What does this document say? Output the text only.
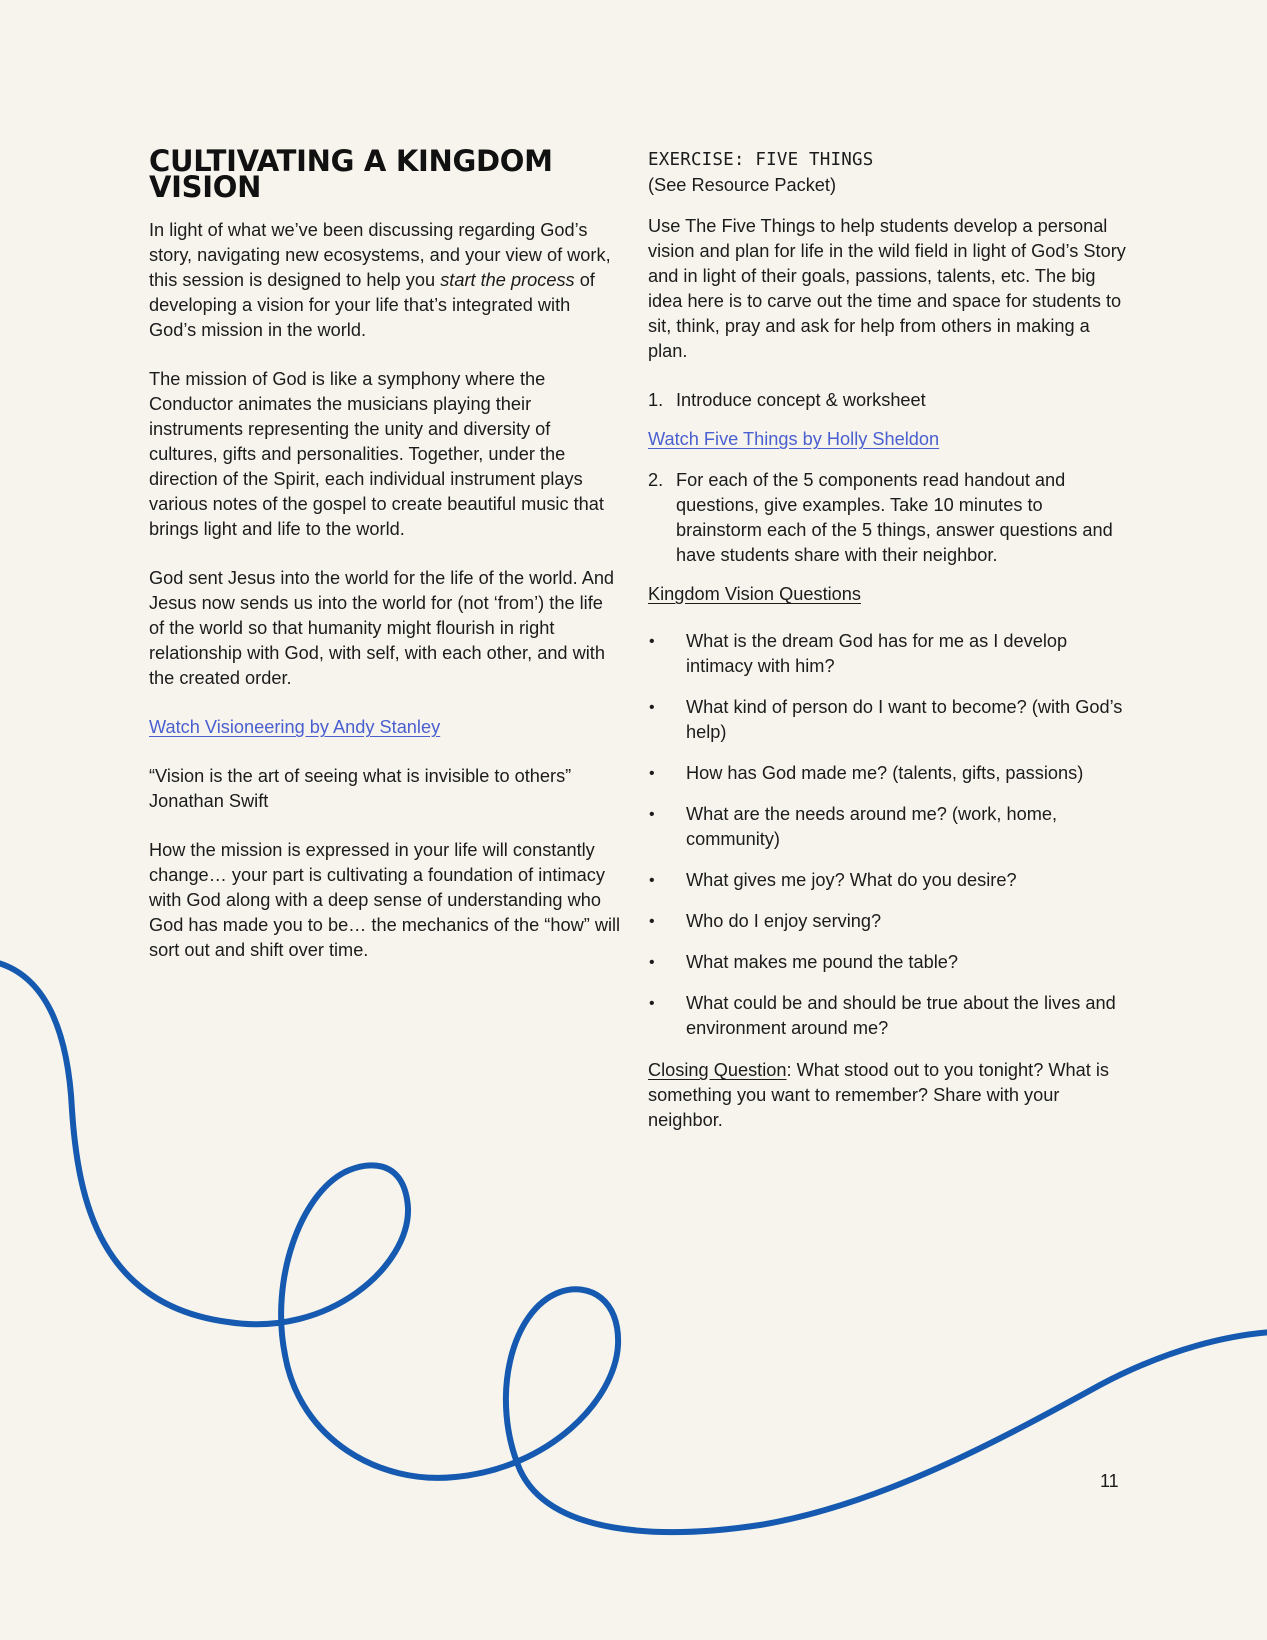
CULTIVATING A KINGDOM VISION

In light of what we’ve been discussing regarding God’s story, navigating new ecosystems, and your view of work, this session is designed to help you start the process of developing a vision for your life that’s integrated with God’s mission in the world.

The mission of God is like a symphony where the Conductor animates the musicians playing their instruments representing the unity and diversity of cultures, gifts and personalities. Together, under the direction of the Spirit, each individual instrument plays various notes of the gospel to create beautiful music that brings light and life to the world.

God sent Jesus into the world for the life of the world. And Jesus now sends us into the world for (not ‘from’) the life of the world so that humanity might flourish in right relationship with God, with self, with each other, and with the created order.

Watch Visioneering by Andy Stanley

“Vision is the art of seeing what is invisible to others”
Jonathan Swift

How the mission is expressed in your life will constantly change… your part is cultivating a foundation of intimacy with God along with a deep sense of understanding who God has made you to be… the mechanics of the “how” will sort out and shift over time.

EXERCISE: FIVE THINGS
(See Resource Packet)

Use The Five Things to help students develop a personal vision and plan for life in the wild field in light of God’s Story and in light of their goals, passions, talents, etc. The big idea here is to carve out the time and space for students to sit, think, pray and ask for help from others in making a plan.

1. Introduce concept & worksheet
Watch Five Things by Holly Sheldon
2. For each of the 5 components read handout and questions, give examples. Take 10 minutes to brainstorm each of the 5 things, answer questions and have students share with their neighbor.

Kingdom Vision Questions

•	What is the dream God has for me as I develop intimacy with him?
•	What kind of person do I want to become? (with God’s help)
•	How has God made me? (talents, gifts, passions)
•	What are the needs around me? (work, home, community)
•	What gives me joy? What do you desire?
•	Who do I enjoy serving?
•	What makes me pound the table?
•	What could be and should be true about the lives and environment around me?

Closing Question: What stood out to you tonight? What is something you want to remember? Share with your neighbor.

11
